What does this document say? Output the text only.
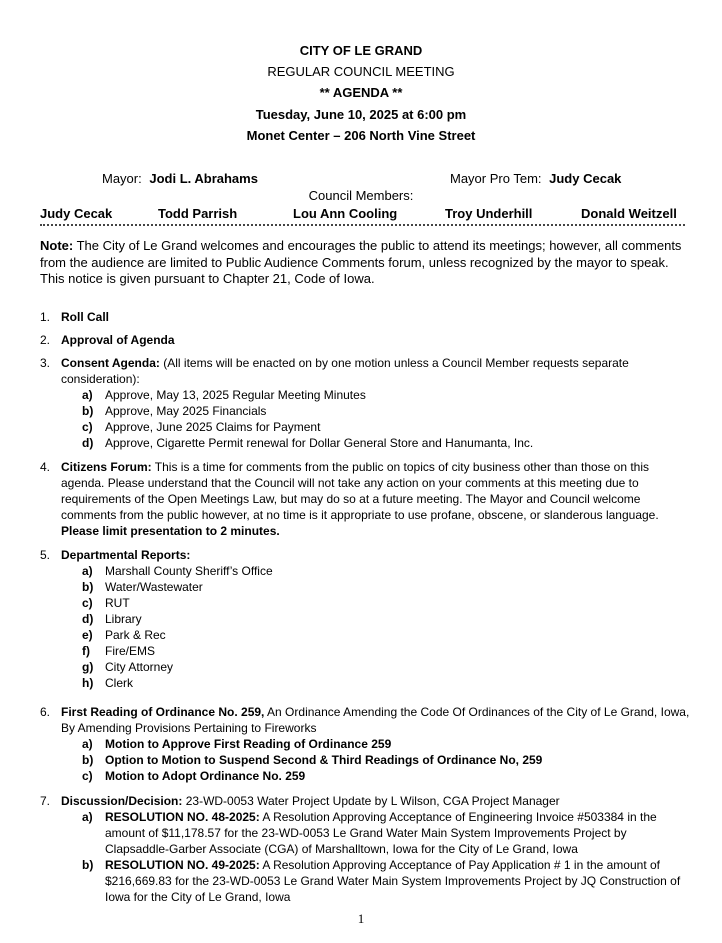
CITY OF LE GRAND
REGULAR COUNCIL MEETING
** AGENDA **
Tuesday, June 10, 2025 at 6:00 pm
Monet Center – 206 North Vine Street
Mayor: Jodi L. Abrahams	Mayor Pro Tem: Judy Cecak
Council Members:
Judy Cecak	Todd Parrish	Lou Ann Cooling	Troy Underhill	Donald Weitzell
Note: The City of Le Grand welcomes and encourages the public to attend its meetings; however, all comments from the audience are limited to Public Audience Comments forum, unless recognized by the mayor to speak. This notice is given pursuant to Chapter 21, Code of Iowa.
1. Roll Call
2. Approval of Agenda
3. Consent Agenda: (All items will be enacted on by one motion unless a Council Member requests separate consideration):
a) Approve, May 13, 2025 Regular Meeting Minutes
b) Approve, May 2025 Financials
c) Approve, June 2025 Claims for Payment
d) Approve, Cigarette Permit renewal for Dollar General Store and Hanumanta, Inc.
4. Citizens Forum: This is a time for comments from the public on topics of city business other than those on this agenda. Please understand that the Council will not take any action on your comments at this meeting due to requirements of the Open Meetings Law, but may do so at a future meeting. The Mayor and Council welcome comments from the public however, at no time is it appropriate to use profane, obscene, or slanderous language. Please limit presentation to 2 minutes.
5. Departmental Reports:
a) Marshall County Sheriff’s Office
b) Water/Wastewater
c) RUT
d) Library
e) Park & Rec
f) Fire/EMS
g) City Attorney
h) Clerk
6. First Reading of Ordinance No. 259, An Ordinance Amending the Code Of Ordinances of the City of Le Grand, Iowa, By Amending Provisions Pertaining to Fireworks
a) Motion to Approve First Reading of Ordinance 259
b) Option to Motion to Suspend Second & Third Readings of Ordinance No, 259
c) Motion to Adopt Ordinance No. 259
7. Discussion/Decision: 23-WD-0053 Water Project Update by L Wilson, CGA Project Manager
a) RESOLUTION NO. 48-2025: A Resolution Approving Acceptance of Engineering Invoice #503384 in the amount of $11,178.57 for the 23-WD-0053 Le Grand Water Main System Improvements Project by Clapsaddle-Garber Associate (CGA) of Marshalltown, Iowa for the City of Le Grand, Iowa
b) RESOLUTION NO. 49-2025: A Resolution Approving Acceptance of Pay Application # 1 in the amount of $216,669.83 for the 23-WD-0053 Le Grand Water Main System Improvements Project by JQ Construction of Iowa for the City of Le Grand, Iowa
1
